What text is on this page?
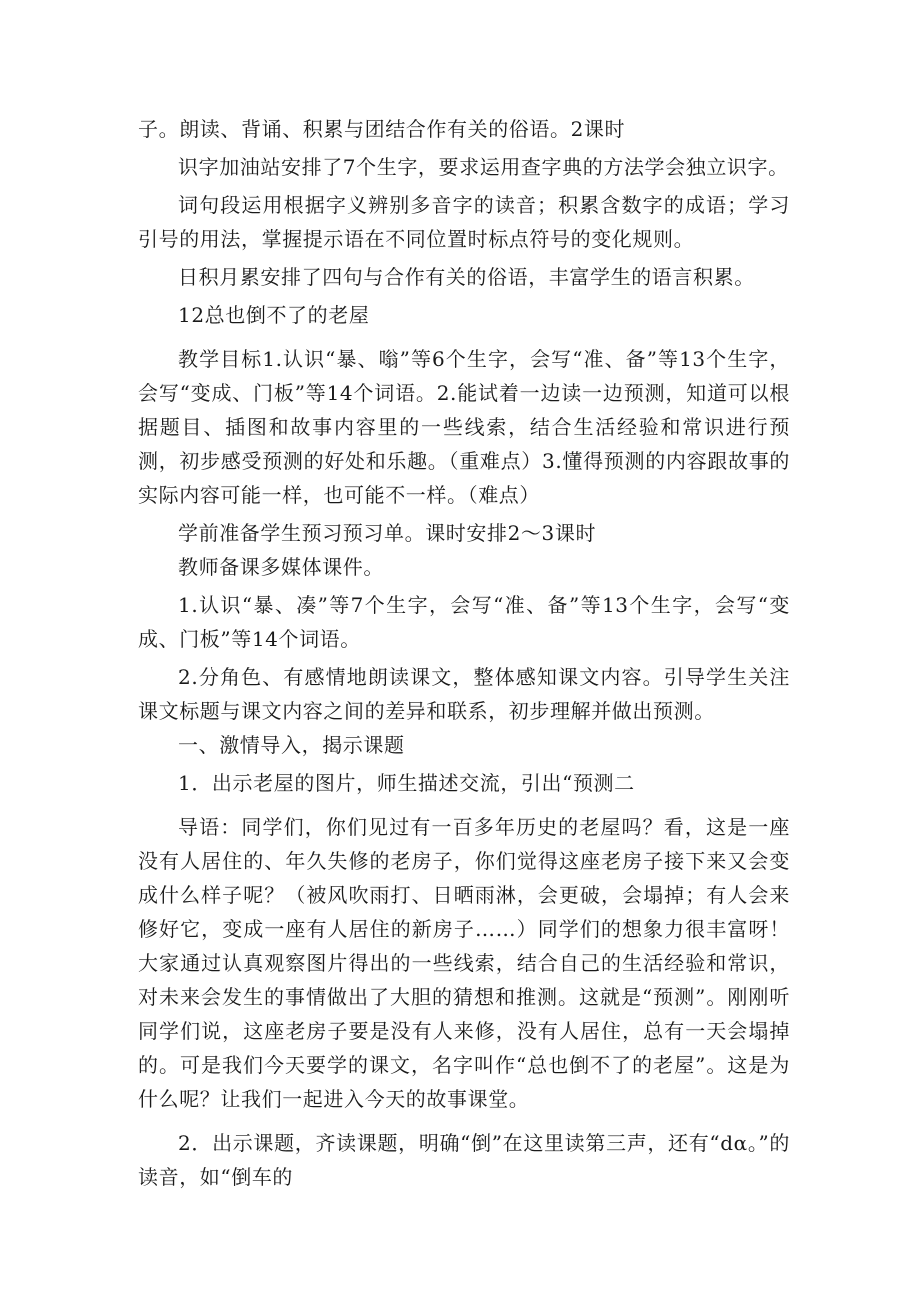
子。朗读、背诵、积累与团结合作有关的俗语。2课时

识字加油站安排了7个生字，要求运用查字典的方法学会独立识字。

词句段运用根据字义辨别多音字的读音；积累含数字的成语；学习引号的用法，掌握提示语在不同位置时标点符号的变化规则。

日积月累安排了四句与合作有关的俗语，丰富学生的语言积累。

12总也倒不了的老屋

教学目标1.认识“暴、嗡”等6个生字，会写“准、备”等13个生字，会写“变成、门板”等14个词语。2.能试着一边读一边预测，知道可以根据题目、插图和故事内容里的一些线索，结合生活经验和常识进行预测，初步感受预测的好处和乐趣。（重难点）3.懂得预测的内容跟故事的实际内容可能一样，也可能不一样。（难点）

学前准备学生预习预习单。课时安排2～3课时

教师备课多媒体课件。

1.认识“暴、凑”等7个生字，会写“准、备”等13个生字，会写“变成、门板”等14个词语。

2.分角色、有感情地朗读课文，整体感知课文内容。引导学生关注课文标题与课文内容之间的差异和联系，初步理解并做出预测。

一、激情导入，揭示课题

1．出示老屋的图片，师生描述交流，引出“预测二

导语：同学们，你们见过有一百多年历史的老屋吗？看，这是一座没有人居住的、年久失修的老房子，你们觉得这座老房子接下来又会变成什么样子呢？（被风吹雨打、日晒雨淋，会更破，会塌掉；有人会来修好它，变成一座有人居住的新房子……）同学们的想象力很丰富呀！大家通过认真观察图片得出的一些线索，结合自己的生活经验和常识，对未来会发生的事情做出了大胆的猜想和推测。这就是“预测”。刚刚听同学们说，这座老房子要是没有人来修，没有人居住，总有一天会塌掉的。可是我们今天要学的课文，名字叫作“总也倒不了的老屋”。这是为什么呢？让我们一起进入今天的故事课堂。

2．出示课题，齐读课题，明确“倒”在这里读第三声，还有“dα。”的读音，如“倒车的
